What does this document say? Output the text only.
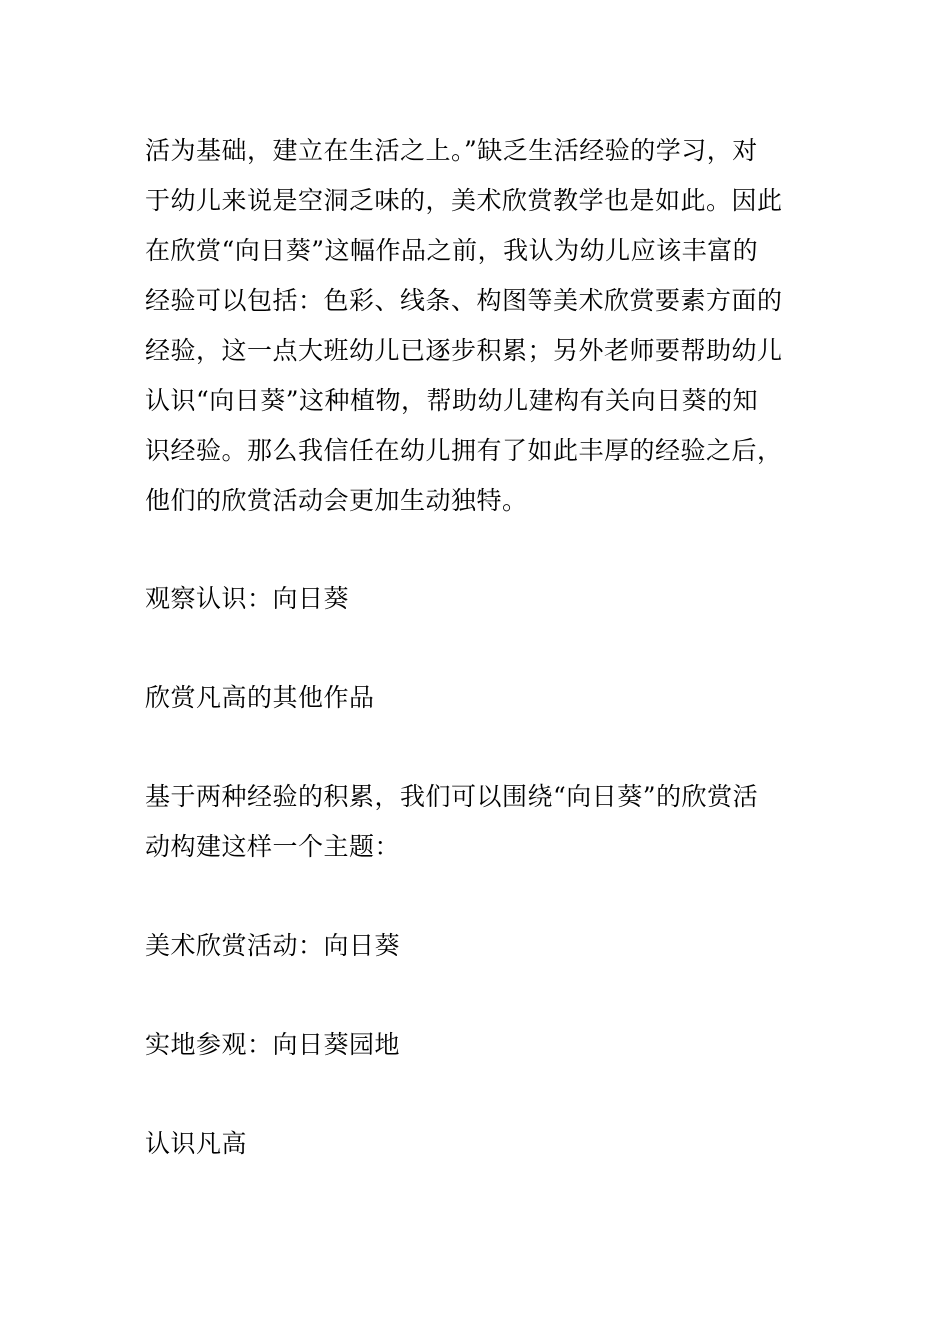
活为基础，建立在生活之上。”缺乏生活经验的学习，对
于幼儿来说是空洞乏味的，美术欣赏教学也是如此。因此
在欣赏“向日葵”这幅作品之前，我认为幼儿应该丰富的
经验可以包括：色彩、线条、构图等美术欣赏要素方面的
经验，这一点大班幼儿已逐步积累；另外老师要帮助幼儿
认识“向日葵”这种植物，帮助幼儿建构有关向日葵的知
识经验。那么我信任在幼儿拥有了如此丰厚的经验之后，
他们的欣赏活动会更加生动独特。

观察认识：向日葵

欣赏凡高的其他作品

基于两种经验的积累，我们可以围绕“向日葵”的欣赏活
动构建这样一个主题：

美术欣赏活动：向日葵

实地参观：向日葵园地

认识凡高
